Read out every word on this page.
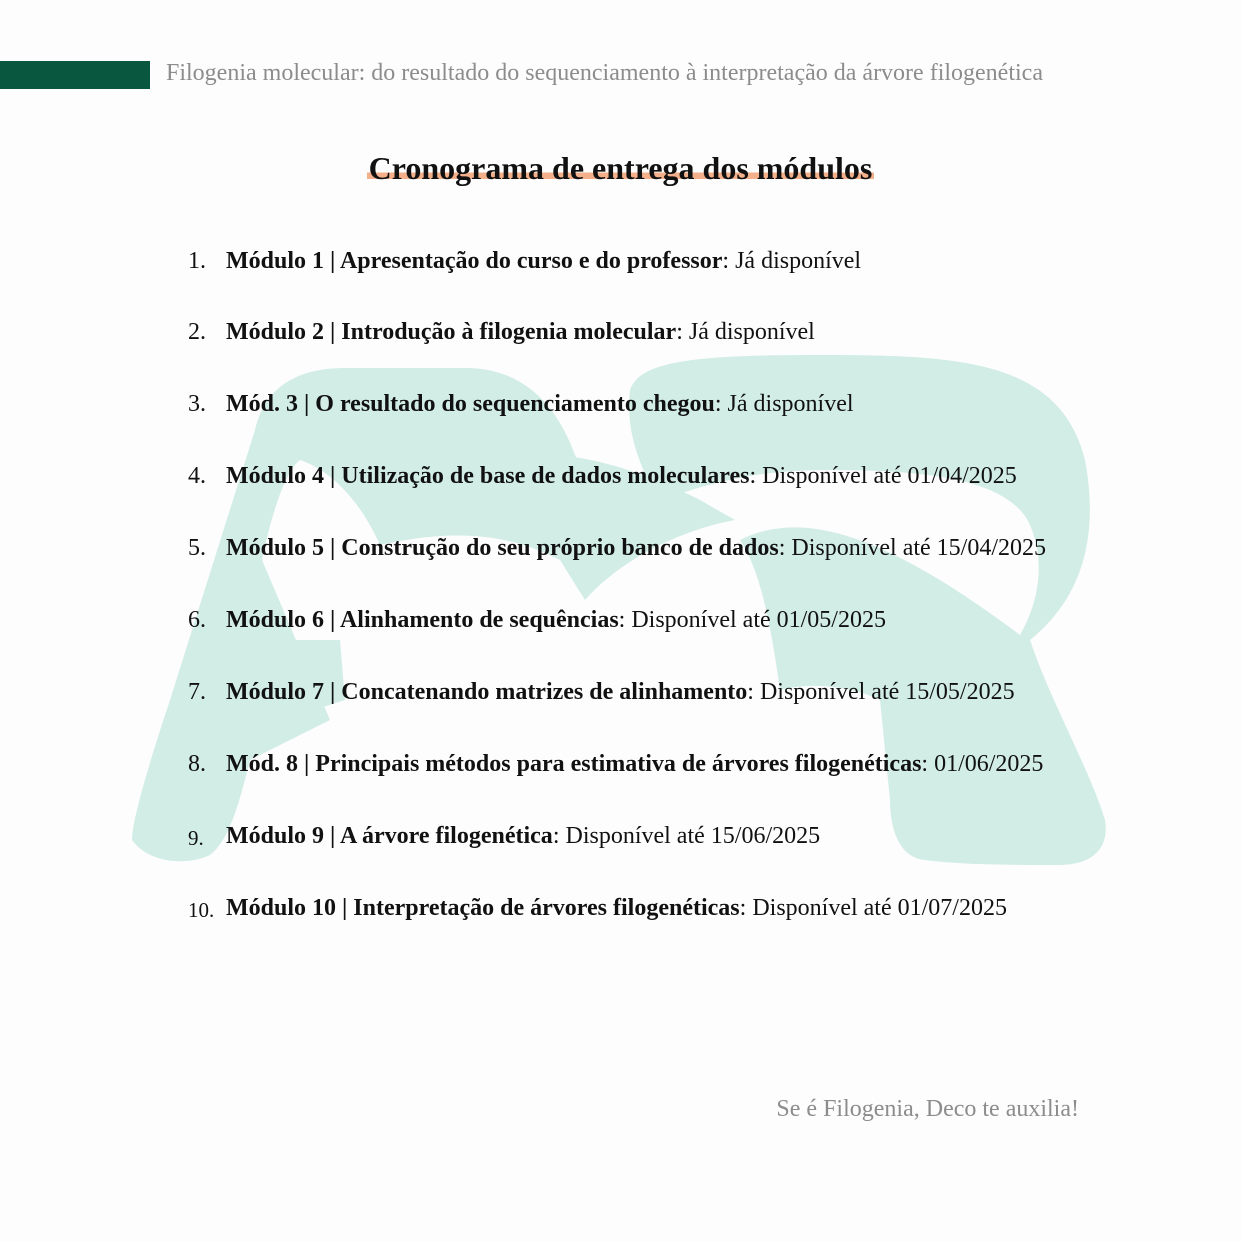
Filogenia molecular: do resultado do sequenciamento à interpretação da árvore filogenética
Cronograma de entrega dos módulos
1. Módulo 1 | Apresentação do curso e do professor: Já disponível
2. Módulo 2 | Introdução à filogenia molecular: Já disponível
3. Mód. 3 | O resultado do sequenciamento chegou: Já disponível
4. Módulo 4 | Utilização de base de dados moleculares: Disponível até 01/04/2025
5. Módulo 5 | Construção do seu próprio banco de dados: Disponível até 15/04/2025
6. Módulo 6 | Alinhamento de sequências: Disponível até 01/05/2025
7. Módulo 7 | Concatenando matrizes de alinhamento: Disponível até 15/05/2025
8. Mód. 8 | Principais métodos para estimativa de árvores filogenéticas: 01/06/2025
9. Módulo 9 | A árvore filogenética: Disponível até 15/06/2025
10. Módulo 10 | Interpretação de árvores filogenéticas: Disponível até 01/07/2025
Se é Filogenia, Deco te auxilia!
